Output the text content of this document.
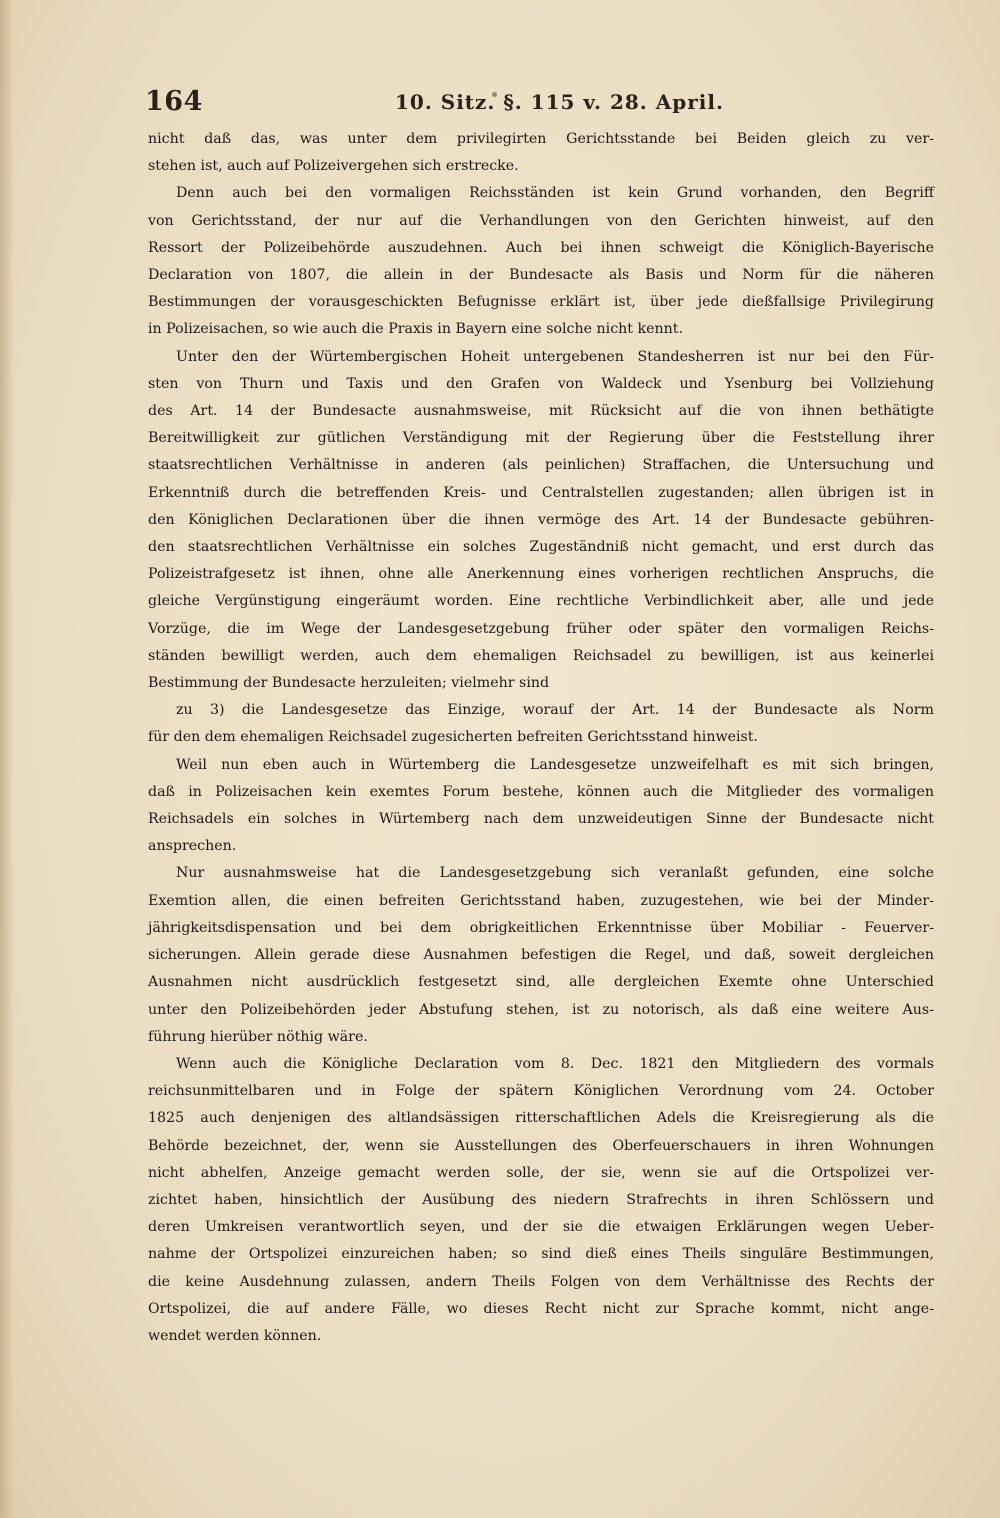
164	10. Sitz. §. 115 v. 28. April.

nicht daß das, was unter dem privilegirten Gerichtsstande bei Beiden gleich zu ver-

stehen ist, auch auf Polizeivergehen sich erstrecke.

Denn auch bei den vormaligen Reichsständen ist kein Grund vorhanden, den Begriff

von Gerichtsstand, der nur auf die Verhandlungen von den Gerichten hinweist, auf den

Ressort der Polizeibehörde auszudehnen. Auch bei ihnen schweigt die Königlich-Bayerische

Declaration von 1807, die allein in der Bundesacte als Basis und Norm für die näheren

Bestimmungen der vorausgeschickten Befugnisse erklärt ist, über jede dießfallsige Privilegirung

in Polizeisachen, so wie auch die Praxis in Bayern eine solche nicht kennt.

Unter den der Würtembergischen Hoheit untergebenen Standesherren ist nur bei den Für-

sten von Thurn und Taxis und den Grafen von Waldeck und Ysenburg bei Vollziehung

des Art. 14 der Bundesacte ausnahmsweise, mit Rücksicht auf die von ihnen bethätigte

Bereitwilligkeit zur gütlichen Verständigung mit der Regierung über die Feststellung ihrer

staatsrechtlichen Verhältnisse in anderen (als peinlichen) Straffachen, die Untersuchung und

Erkenntniß durch die betreffenden Kreis- und Centralstellen zugestanden; allen übrigen ist in

den Königlichen Declarationen über die ihnen vermöge des Art. 14 der Bundesacte gebühren-

den staatsrechtlichen Verhältnisse ein solches Zugeständniß nicht gemacht, und erst durch das

Polizeistrafgesetz ist ihnen, ohne alle Anerkennung eines vorherigen rechtlichen Anspruchs, die

gleiche Vergünstigung eingeräumt worden. Eine rechtliche Verbindlichkeit aber, alle und jede

Vorzüge, die im Wege der Landesgesetzgebung früher oder später den vormaligen Reichs-

ständen bewilligt werden, auch dem ehemaligen Reichsadel zu bewilligen, ist aus keinerlei

Bestimmung der Bundesacte herzuleiten; vielmehr sind

zu 3) die Landesgesetze das Einzige, worauf der Art. 14 der Bundesacte als Norm

für den dem ehemaligen Reichsadel zugesicherten befreiten Gerichtsstand hinweist.

Weil nun eben auch in Würtemberg die Landesgesetze unzweifelhaft es mit sich bringen,

daß in Polizeisachen kein exemtes Forum bestehe, können auch die Mitglieder des vormaligen

Reichsadels ein solches in Würtemberg nach dem unzweideutigen Sinne der Bundesacte nicht

ansprechen.

Nur ausnahmsweise hat die Landesgesetzgebung sich veranlaßt gefunden, eine solche

Exemtion allen, die einen befreiten Gerichtsstand haben, zuzugestehen, wie bei der Minder-

jährigkeitsdispensation und bei dem obrigkeitlichen Erkenntnisse über Mobiliar - Feuerver-

sicherungen. Allein gerade diese Ausnahmen befestigen die Regel, und daß, soweit dergleichen

Ausnahmen nicht ausdrücklich festgesetzt sind, alle dergleichen Exemte ohne Unterschied

unter den Polizeibehörden jeder Abstufung stehen, ist zu notorisch, als daß eine weitere Aus-

führung hierüber nöthig wäre.

Wenn auch die Königliche Declaration vom 8. Dec. 1821 den Mitgliedern des vormals

reichsunmittelbaren und in Folge der spätern Königlichen Verordnung vom 24. October

1825 auch denjenigen des altlandsässigen ritterschaftlichen Adels die Kreisregierung als die

Behörde bezeichnet, der, wenn sie Ausstellungen des Oberfeuerschauers in ihren Wohnungen

nicht abhelfen, Anzeige gemacht werden solle, der sie, wenn sie auf die Ortspolizei ver-

zichtet haben, hinsichtlich der Ausübung des niedern Strafrechts in ihren Schlössern und

deren Umkreisen verantwortlich seyen, und der sie die etwaigen Erklärungen wegen Ueber-

nahme der Ortspolizei einzureichen haben; so sind dieß eines Theils singuläre Bestimmungen,

die keine Ausdehnung zulassen, andern Theils Folgen von dem Verhältnisse des Rechts der

Ortspolizei, die auf andere Fälle, wo dieses Recht nicht zur Sprache kommt, nicht ange-

wendet werden können.
